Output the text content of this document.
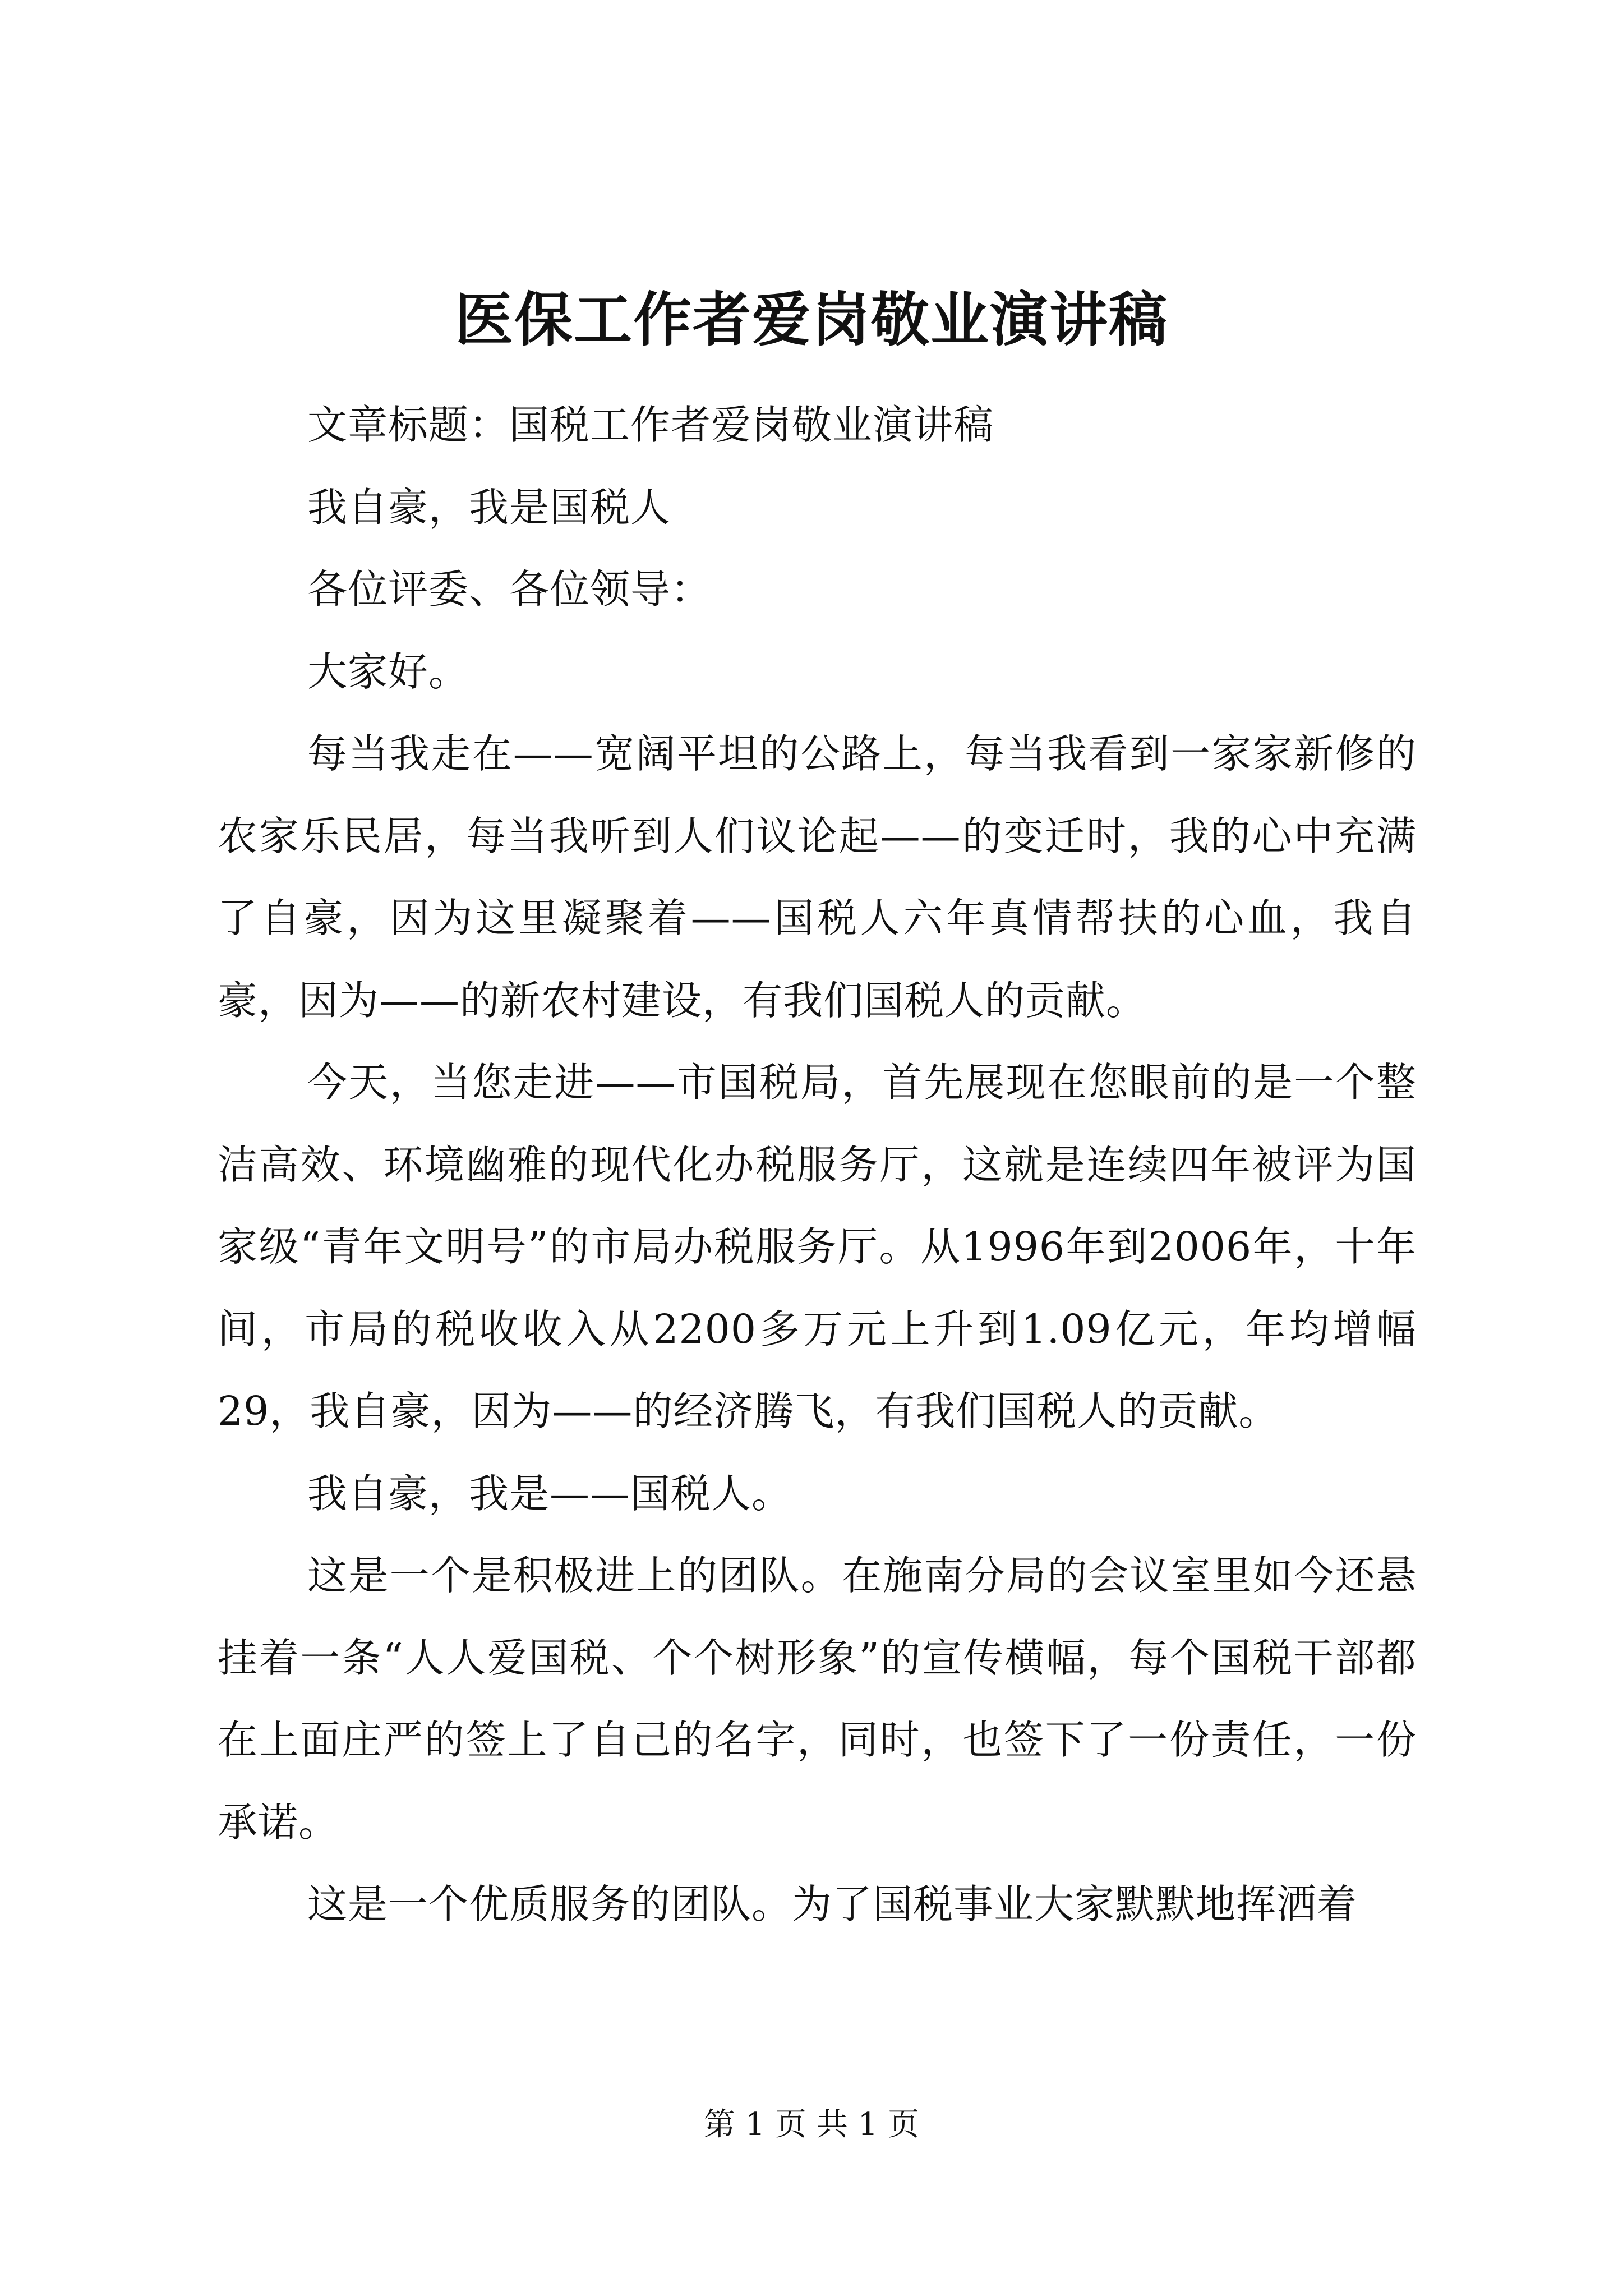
医保工作者爱岗敬业演讲稿

文章标题：国税工作者爱岗敬业演讲稿

我自豪，我是国税人

各位评委、各位领导：

大家好。

每当我走在——宽阔平坦的公路上，每当我看到一家家新修的农家乐民居，每当我听到人们议论起——的变迁时，我的心中充满了自豪，因为这里凝聚着——国税人六年真情帮扶的心血，我自豪，因为——的新农村建设，有我们国税人的贡献。

今天，当您走进——市国税局，首先展现在您眼前的是一个整洁高效、环境幽雅的现代化办税服务厅，这就是连续四年被评为国家级“青年文明号”的市局办税服务厅。从1996年到2006年，十年间，市局的税收收入从2200多万元上升到1.09亿元，年均增幅29，我自豪，因为——的经济腾飞，有我们国税人的贡献。

我自豪，我是——国税人。

这是一个是积极进上的团队。在施南分局的会议室里如今还悬挂着一条“人人爱国税、个个树形象”的宣传横幅，每个国税干部都在上面庄严的签上了自己的名字，同时，也签下了一份责任，一份承诺。

这是一个优质服务的团队。为了国税事业大家默默地挥洒着

第 1 页 共 1 页
